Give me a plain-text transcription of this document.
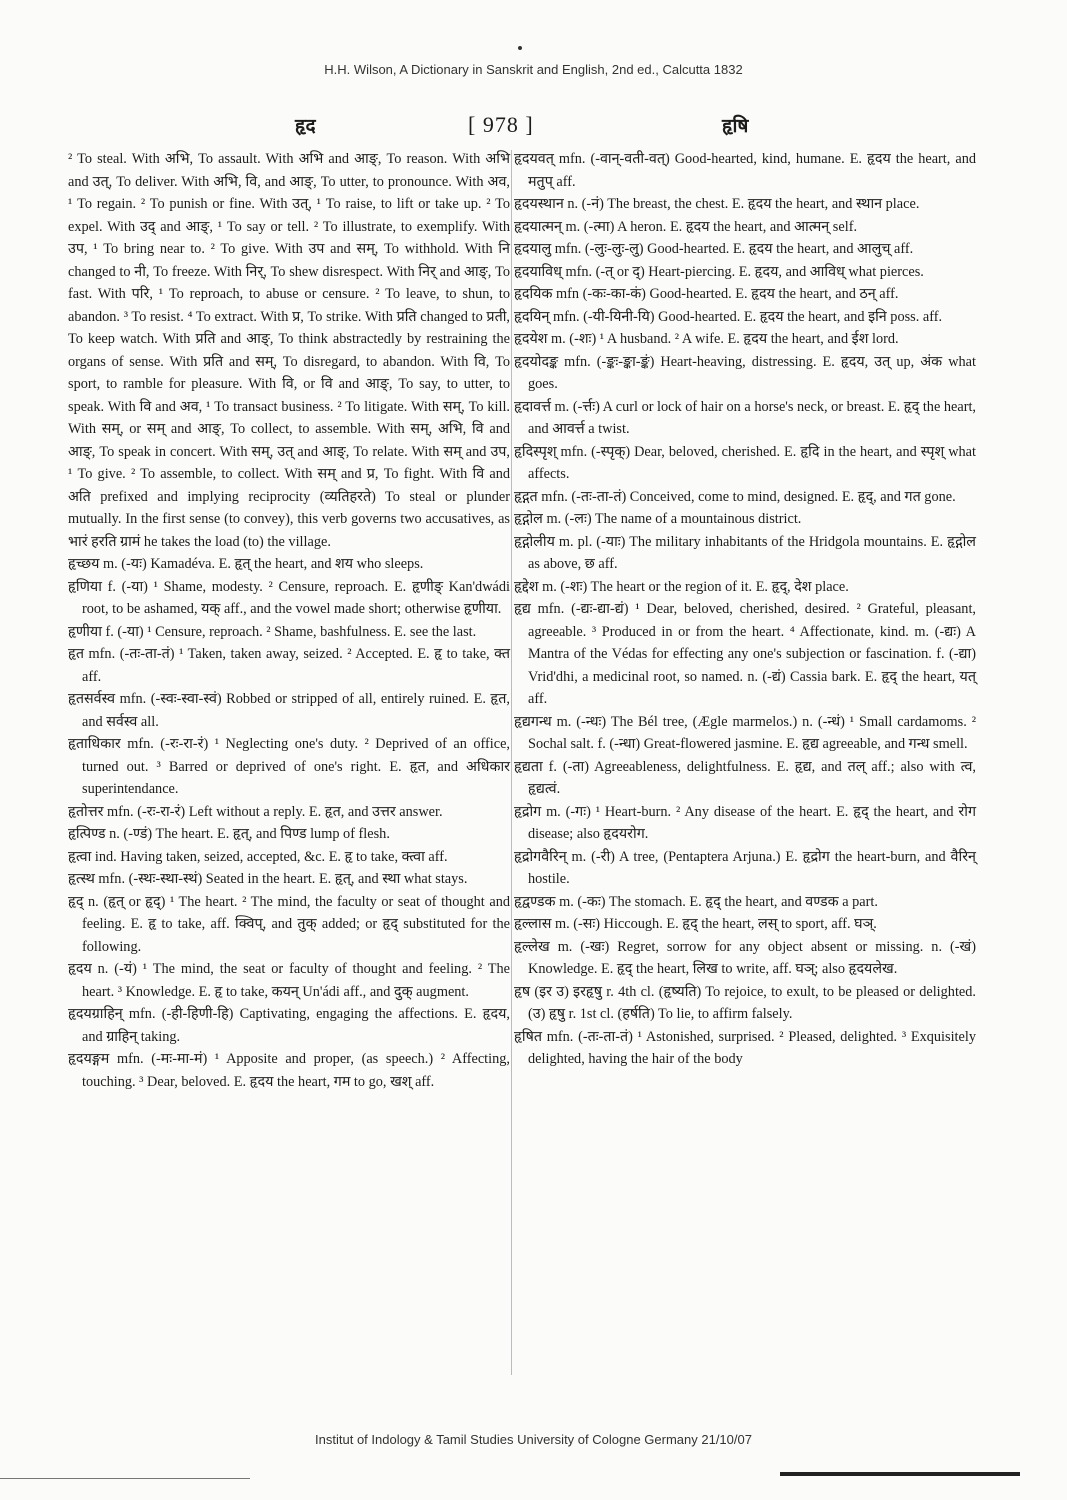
H.H. Wilson, A Dictionary in Sanskrit and English, 2nd ed., Calcutta 1832
हृद	[ 978 ]	हृषि

² To steal. With अभि, To assault. With अभि and आङ्, To reason. With अभि and उत्, To deliver. With अभि, वि, and आङ्, To utter, to pronounce. With अव, ¹ To regain. ² To punish or fine. With उत्, ¹ To raise, to lift or take up. ² To expel. With उद् and आङ्, ¹ To say or tell. ² To illustrate, to exemplify. With उप, ¹ To bring near to. ² To give. With उप and सम्, To withhold. With नि changed to नी, To freeze. With निर्, To shew disrespect. With निर् and आङ्, To fast. With परि, ¹ To reproach, to abuse or censure. ² To leave, to shun, to abandon. ³ To resist. ⁴ To extract. With प्र, To strike. With प्रति changed to प्रती, To keep watch. With प्रति and आङ्, To think abstractedly by restraining the organs of sense. With प्रति and सम्, To disregard, to abandon. With वि, To sport, to ramble for pleasure. With वि, or वि and आङ्, To say, to utter, to speak. With वि and अव, ¹ To transact business. ² To litigate. With सम्, To kill. With सम्, or सम् and आङ्, To collect, to assemble. With सम्, अभि, वि and आङ्, To speak in concert. With सम्, उत् and आङ्, To relate. With सम् and उप, ¹ To give. ² To assemble, to collect. With सम् and प्र, To fight. With वि and अति prefixed and implying reciprocity (व्यतिहरते) To steal or plunder mutually. In the first sense (to convey), this verb governs two accusatives, as भारं हरति ग्रामं he takes the load (to) the village.

हृच्छय m. (-यः) Kamadéva. E. हृत् the heart, and शय who sleeps.

हृणिया f. (-या) ¹ Shame, modesty. ² Censure, reproach. E. हृणीङ् Kan'dwádi root, to be ashamed, यक् aff., and the vowel made short; otherwise हृणीया.

हृणीया f. (-या) ¹ Censure, reproach. ² Shame, bashfulness. E. see the last.

हृत mfn. (-तः-ता-तं) ¹ Taken, taken away, seized. ² Accepted. E. हृ to take, क्त aff.

हृतसर्वस्व mfn. (-स्वः-स्वा-स्वं) Robbed or stripped of all, entirely ruined. E. हृत, and सर्वस्व all.

हृताधिकार mfn. (-रः-रा-रं) ¹ Neglecting one's duty. ² Deprived of an office, turned out. ³ Barred or deprived of one's right. E. हृत, and अधिकार superintendance.

हृतोत्तर mfn. (-रः-रा-रं) Left without a reply. E. हृत, and उत्तर answer.

हृत्पिण्ड n. (-ण्डं) The heart. E. हृत्, and पिण्ड lump of flesh.

हृत्वा ind. Having taken, seized, accepted, &c. E. हृ to take, क्त्वा aff.

हृत्स्थ mfn. (-स्थः-स्था-स्थं) Seated in the heart. E. हृत्, and स्था what stays.

हृद् n. (हृत् or हृद्) ¹ The heart. ² The mind, the faculty or seat of thought and feeling. E. हृ to take, aff. क्विप्, and तुक् added; or हृद् substituted for the following.

हृदय n. (-यं) ¹ The mind, the seat or faculty of thought and feeling. ² The heart. ³ Knowledge. E. हृ to take, कयन् Un'ádi aff., and दुक् augment.

हृदयग्राहिन् mfn. (-ही-हिणी-हि) Captivating, engaging the affections. E. हृदय, and ग्राहिन् taking.

हृदयङ्गम mfn. (-मः-मा-मं) ¹ Apposite and proper, (as speech.) ² Affecting, touching. ³ Dear, beloved. E. हृदय the heart, गम to go, खश् aff.

हृदयवत् mfn. (-वान्-वती-वत्) Good-hearted, kind, humane. E. हृदय the heart, and मतुप् aff.

हृदयस्थान n. (-नं) The breast, the chest. E. हृदय the heart, and स्थान place.

हृदयात्मन् m. (-त्मा) A heron. E. हृदय the heart, and आत्मन् self.

हृदयालु mfn. (-लुः-लुः-लु) Good-hearted. E. हृदय the heart, and आलुच् aff.

हृदयाविध् mfn. (-त् or द्) Heart-piercing. E. हृदय, and आविध् what pierces.

हृदयिक mfn (-कः-का-कं) Good-hearted. E. हृदय the heart, and ठन् aff.

हृदयिन् mfn. (-यी-यिनी-यि) Good-hearted. E. हृदय the heart, and इनि poss. aff.

हृदयेश m. (-शः) ¹ A husband. ² A wife. E. हृदय the heart, and ईश lord.

हृदयोदङ्क mfn. (-ङ्कः-ङ्का-ङ्कं) Heart-heaving, distressing. E. हृदय, उत् up, अंक what goes.

हृदावर्त्त m. (-र्त्तः) A curl or lock of hair on a horse's neck, or breast. E. हृद् the heart, and आवर्त्त a twist.

हृदिस्पृश् mfn. (-स्पृक्) Dear, beloved, cherished. E. हृदि in the heart, and स्पृश् what affects.

हृद्गत mfn. (-तः-ता-तं) Conceived, come to mind, designed. E. हृद्, and गत gone.

हृद्गोल m. (-लः) The name of a mountainous district.

हृद्गोलीय m. pl. (-याः) The military inhabitants of the Hridgola mountains. E. हृद्गोल as above, छ aff.

हृद्देश m. (-शः) The heart or the region of it. E. हृद्, देश place.

हृद्य mfn. (-द्यः-द्या-द्यं) ¹ Dear, beloved, cherished, desired. ² Grateful, pleasant, agreeable. ³ Produced in or from the heart. ⁴ Affectionate, kind. m. (-द्यः) A Mantra of the Védas for effecting any one's subjection or fascination. f. (-द्या) Vrid'dhi, a medicinal root, so named. n. (-द्यं) Cassia bark. E. हृद् the heart, यत् aff.

हृद्यगन्ध m. (-न्धः) The Bél tree, (Ægle marmelos.) n. (-न्धं) ¹ Small cardamoms. ² Sochal salt. f. (-न्धा) Great-flowered jasmine. E. हृद्य agreeable, and गन्ध smell.

हृद्यता f. (-ता) Agreeableness, delightfulness. E. हृद्य, and तल् aff.; also with त्व, हृद्यत्वं.

हृद्रोग m. (-गः) ¹ Heart-burn. ² Any disease of the heart. E. हृद् the heart, and रोग disease; also हृदयरोग.

हृद्रोगवैरिन् m. (-री) A tree, (Pentaptera Arjuna.) E. हृद्रोग the heart-burn, and वैरिन् hostile.

हृद्वण्डक m. (-कः) The stomach. E. हृद् the heart, and वण्डक a part.

हृल्लास m. (-सः) Hiccough. E. हृद् the heart, लस् to sport, aff. घञ्.

हृल्लेख m. (-खः) Regret, sorrow for any object absent or missing. n. (-खं) Knowledge. E. हृद् the heart, लिख to write, aff. घञ्; also हृदयलेख.

हृष (इर उ) इरहृषु r. 4th cl. (हृष्यति) To rejoice, to exult, to be pleased or delighted. (उ) हृषु r. 1st cl. (हर्षति) To lie, to affirm falsely.

हृषित mfn. (-तः-ता-तं) ¹ Astonished, surprised. ² Pleased, delighted. ³ Exquisitely delighted, having the hair of the body

Institut of Indology & Tamil Studies University of Cologne Germany 21/10/07
